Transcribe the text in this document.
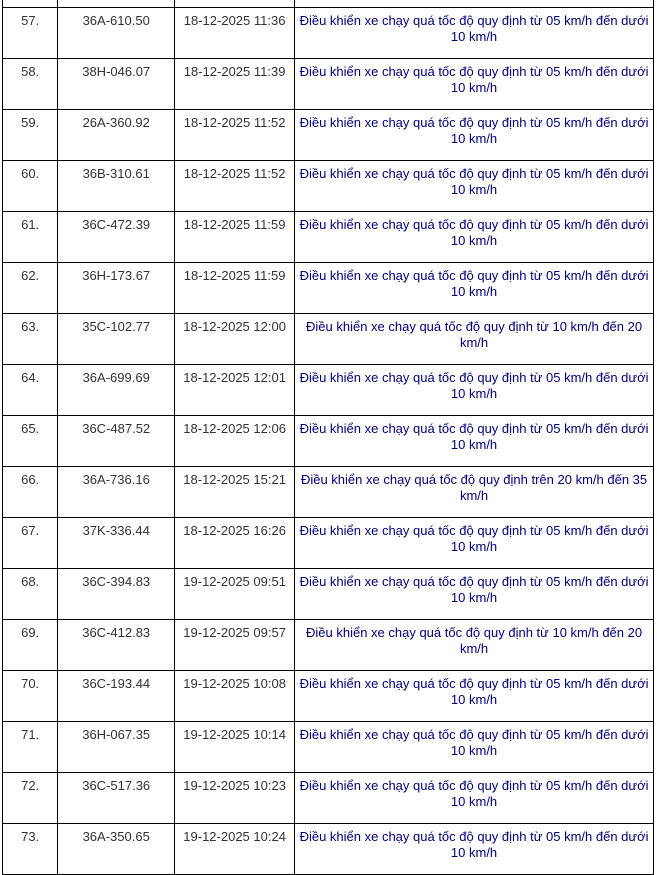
57.	36A-610.50	18-12-2025 11:36	Điều khiển xe chạy quá tốc độ quy định từ 05 km/h đến dưới 10 km/h
58.	38H-046.07	18-12-2025 11:39	Điều khiển xe chạy quá tốc độ quy định từ 05 km/h đến dưới 10 km/h
59.	26A-360.92	18-12-2025 11:52	Điều khiển xe chạy quá tốc độ quy định từ 05 km/h đến dưới 10 km/h
60.	36B-310.61	18-12-2025 11:52	Điều khiển xe chạy quá tốc độ quy định từ 05 km/h đến dưới 10 km/h
61.	36C-472.39	18-12-2025 11:59	Điều khiển xe chạy quá tốc độ quy định từ 05 km/h đến dưới 10 km/h
62.	36H-173.67	18-12-2025 11:59	Điều khiển xe chạy quá tốc độ quy định từ 05 km/h đến dưới 10 km/h
63.	35C-102.77	18-12-2025 12:00	Điều khiển xe chạy quá tốc độ quy định từ 10 km/h đến 20 km/h
64.	36A-699.69	18-12-2025 12:01	Điều khiển xe chạy quá tốc độ quy định từ 05 km/h đến dưới 10 km/h
65.	36C-487.52	18-12-2025 12:06	Điều khiển xe chạy quá tốc độ quy định từ 05 km/h đến dưới 10 km/h
66.	36A-736.16	18-12-2025 15:21	Điều khiển xe chạy quá tốc độ quy định trên 20 km/h đến 35 km/h
67.	37K-336.44	18-12-2025 16:26	Điều khiển xe chạy quá tốc độ quy định từ 05 km/h đến dưới 10 km/h
68.	36C-394.83	19-12-2025 09:51	Điều khiển xe chạy quá tốc độ quy định từ 05 km/h đến dưới 10 km/h
69.	36C-412.83	19-12-2025 09:57	Điều khiển xe chạy quá tốc độ quy định từ 10 km/h đến 20 km/h
70.	36C-193.44	19-12-2025 10:08	Điều khiển xe chạy quá tốc độ quy định từ 05 km/h đến dưới 10 km/h
71.	36H-067.35	19-12-2025 10:14	Điều khiển xe chạy quá tốc độ quy định từ 05 km/h đến dưới 10 km/h
72.	36C-517.36	19-12-2025 10:23	Điều khiển xe chạy quá tốc độ quy định từ 05 km/h đến dưới 10 km/h
73.	36A-350.65	19-12-2025 10:24	Điều khiển xe chạy quá tốc độ quy định từ 05 km/h đến dưới 10 km/h
